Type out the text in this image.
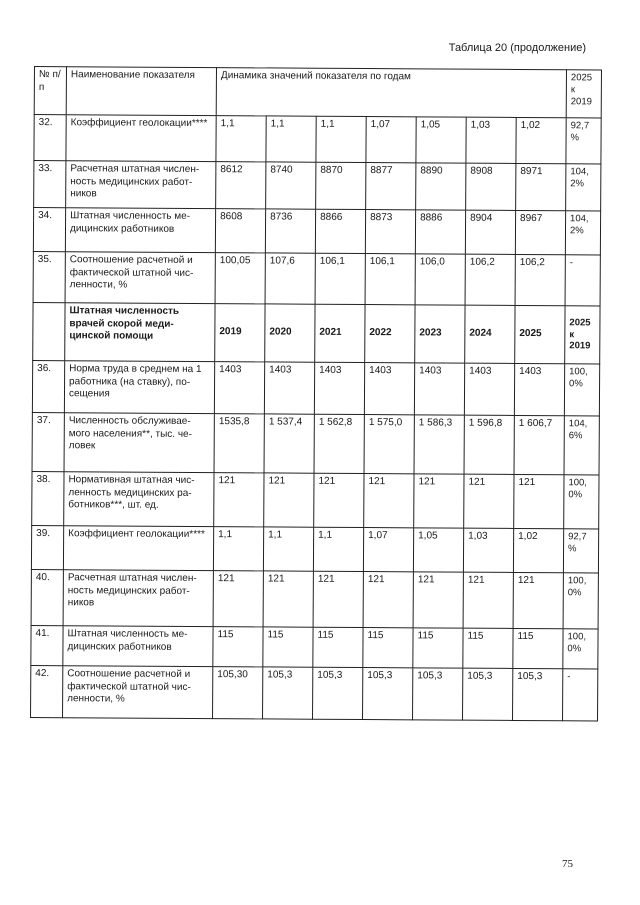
Таблица 20 (продолжение)
№ п/п	Наименование показателя	Динамика значений показателя по годам							2025 к 2019
32.	Коэффициент геолокации****	1,1	1,1	1,1	1,07	1,05	1,03	1,02	92,7 %
33.	Расчетная штатная числен-ность медицинских работ-ников	8612	8740	8870	8877	8890	8908	8971	104, 2%
34.	Штатная численность ме-дицинских работников	8608	8736	8866	8873	8886	8904	8967	104, 2%
35.	Соотношение расчетной и фактической штатной чис-ленности, %	100,05	107,6	106,1	106,1	106,0	106,2	106,2	-
	Штатная численность врачей скорой меди-цинской помощи	2019	2020	2021	2022	2023	2024	2025	2025 к 2019
36.	Норма труда в среднем на 1 работника (на ставку), по-сещения	1403	1403	1403	1403	1403	1403	1403	100, 0%
37.	Численность обслуживае-мого населения**, тыс. че-ловек	1535,8	1 537,4	1 562,8	1 575,0	1 586,3	1 596,8	1 606,7	104, 6%
38.	Нормативная штатная чис-ленность медицинских ра-ботников***, шт. ед.	121	121	121	121	121	121	121	100, 0%
39.	Коэффициент геолокации****	1,1	1,1	1,1	1,07	1,05	1,03	1,02	92,7 %
40.	Расчетная штатная числен-ность медицинских работ-ников	121	121	121	121	121	121	121	100, 0%
41.	Штатная численность ме-дицинских работников	115	115	115	115	115	115	115	100, 0%
42.	Соотношение расчетной и фактической штатной чис-ленности, %	105,30	105,3	105,3	105,3	105,3	105,3	105,3	-
75
